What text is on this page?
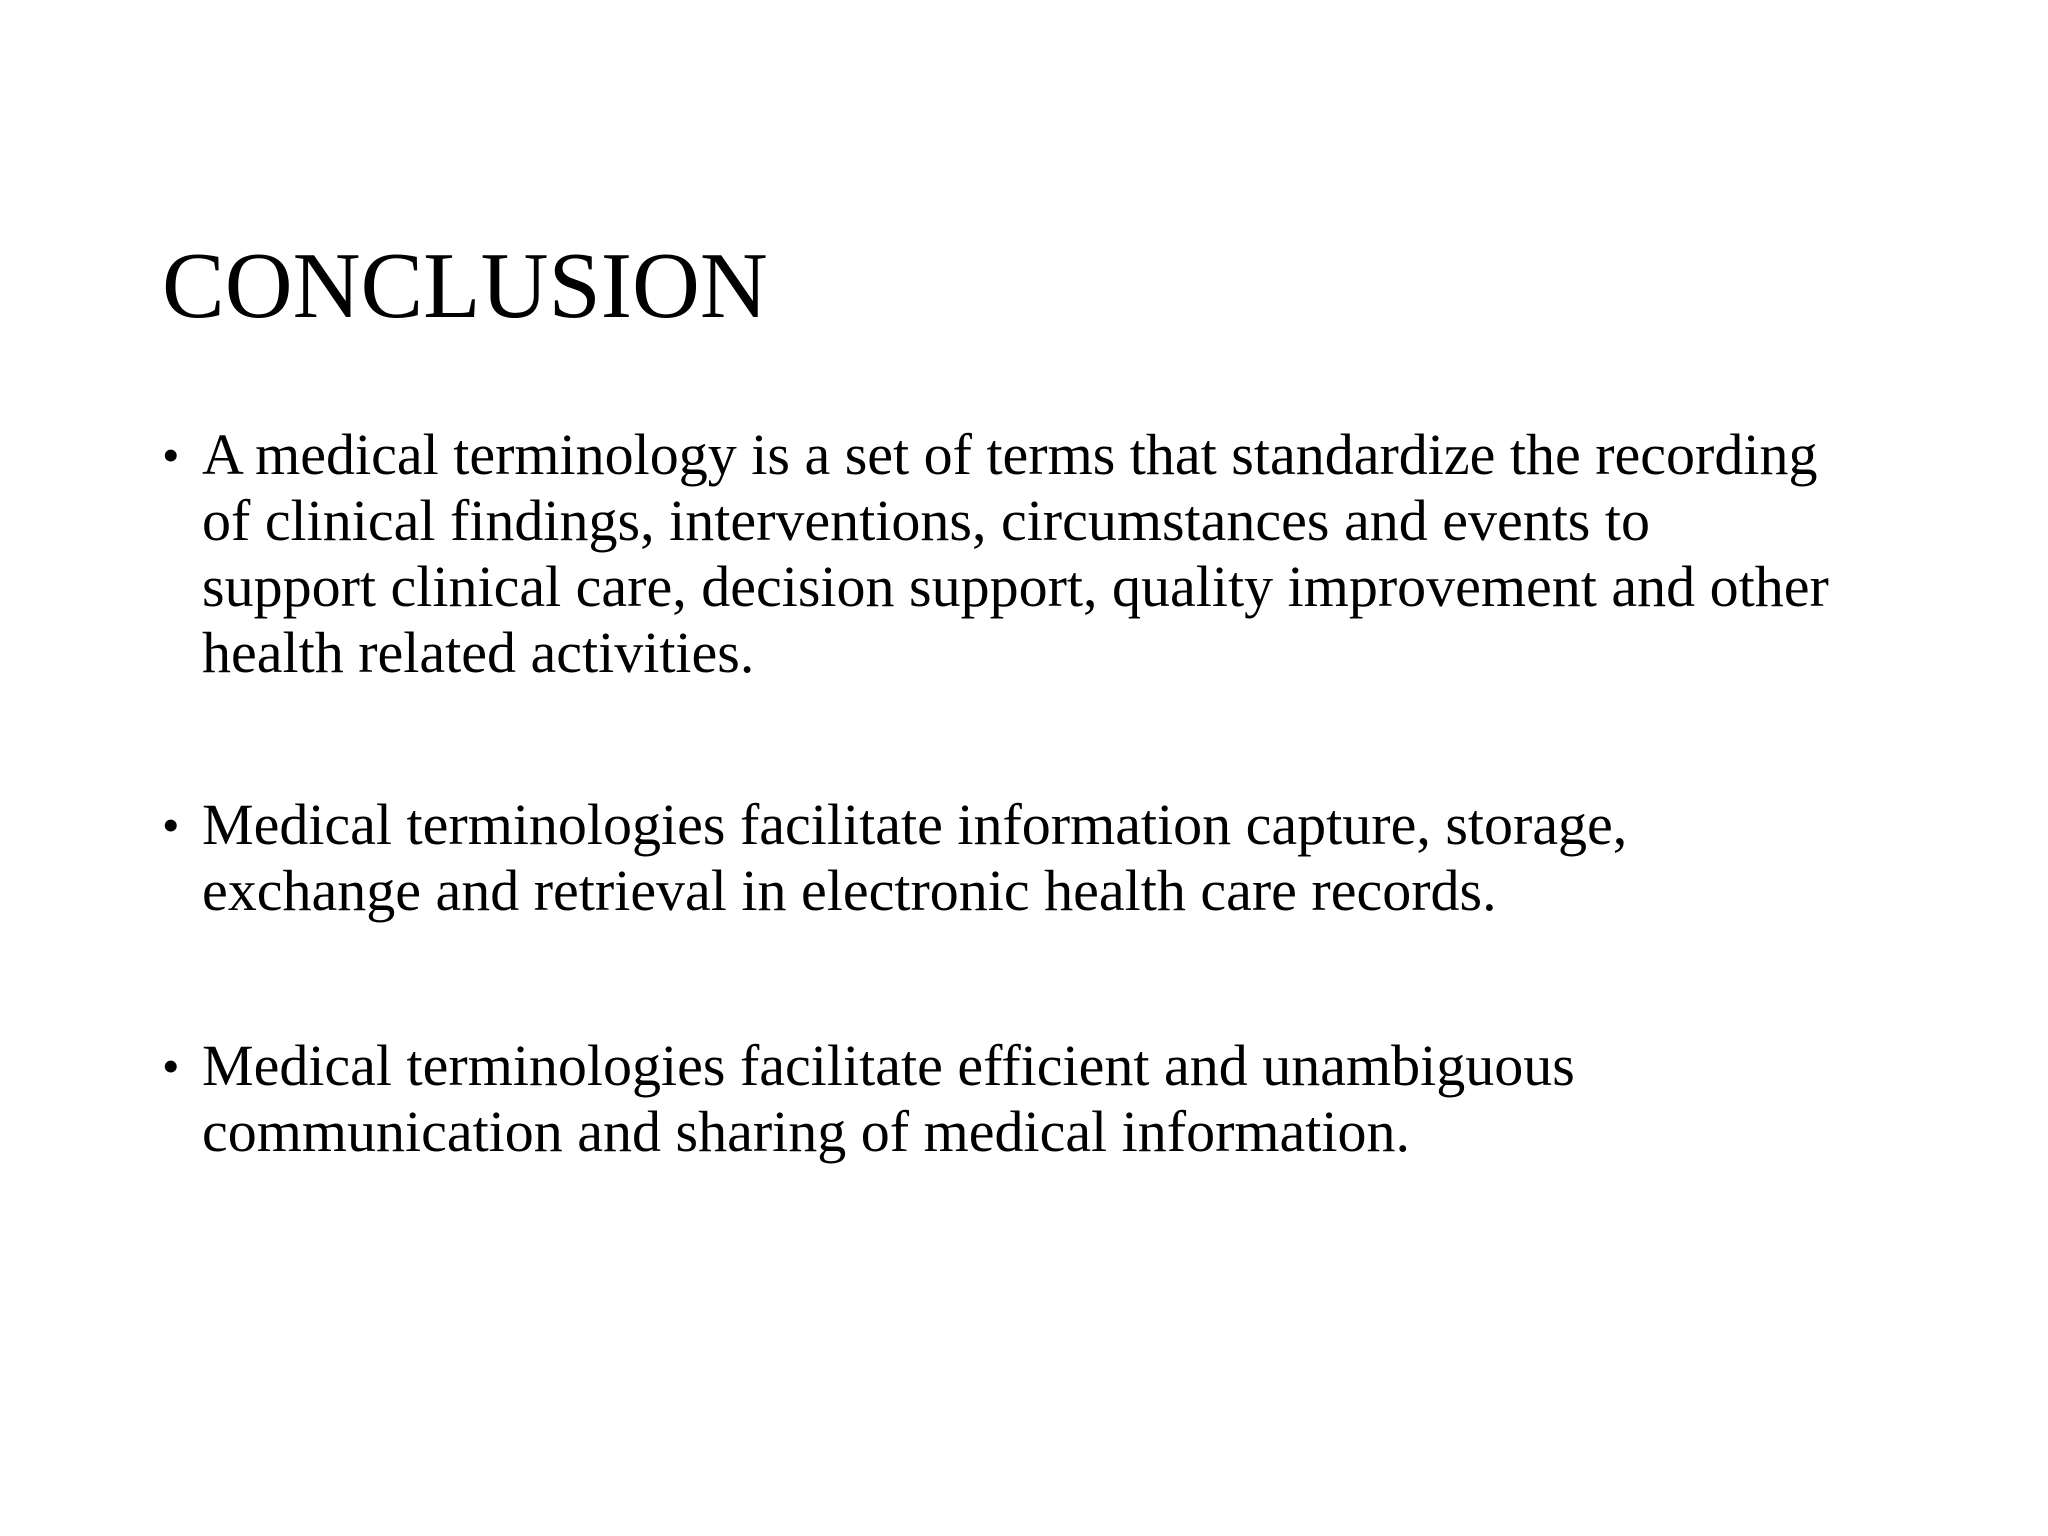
CONCLUSION
• A medical terminology is a set of terms that standardize the recording
of clinical findings, interventions, circumstances and events to
support clinical care, decision support, quality improvement and other
health related activities.
• Medical terminologies facilitate information capture, storage,
exchange and retrieval in electronic health care records.
• Medical terminologies facilitate efficient and unambiguous
communication and sharing of medical information.
